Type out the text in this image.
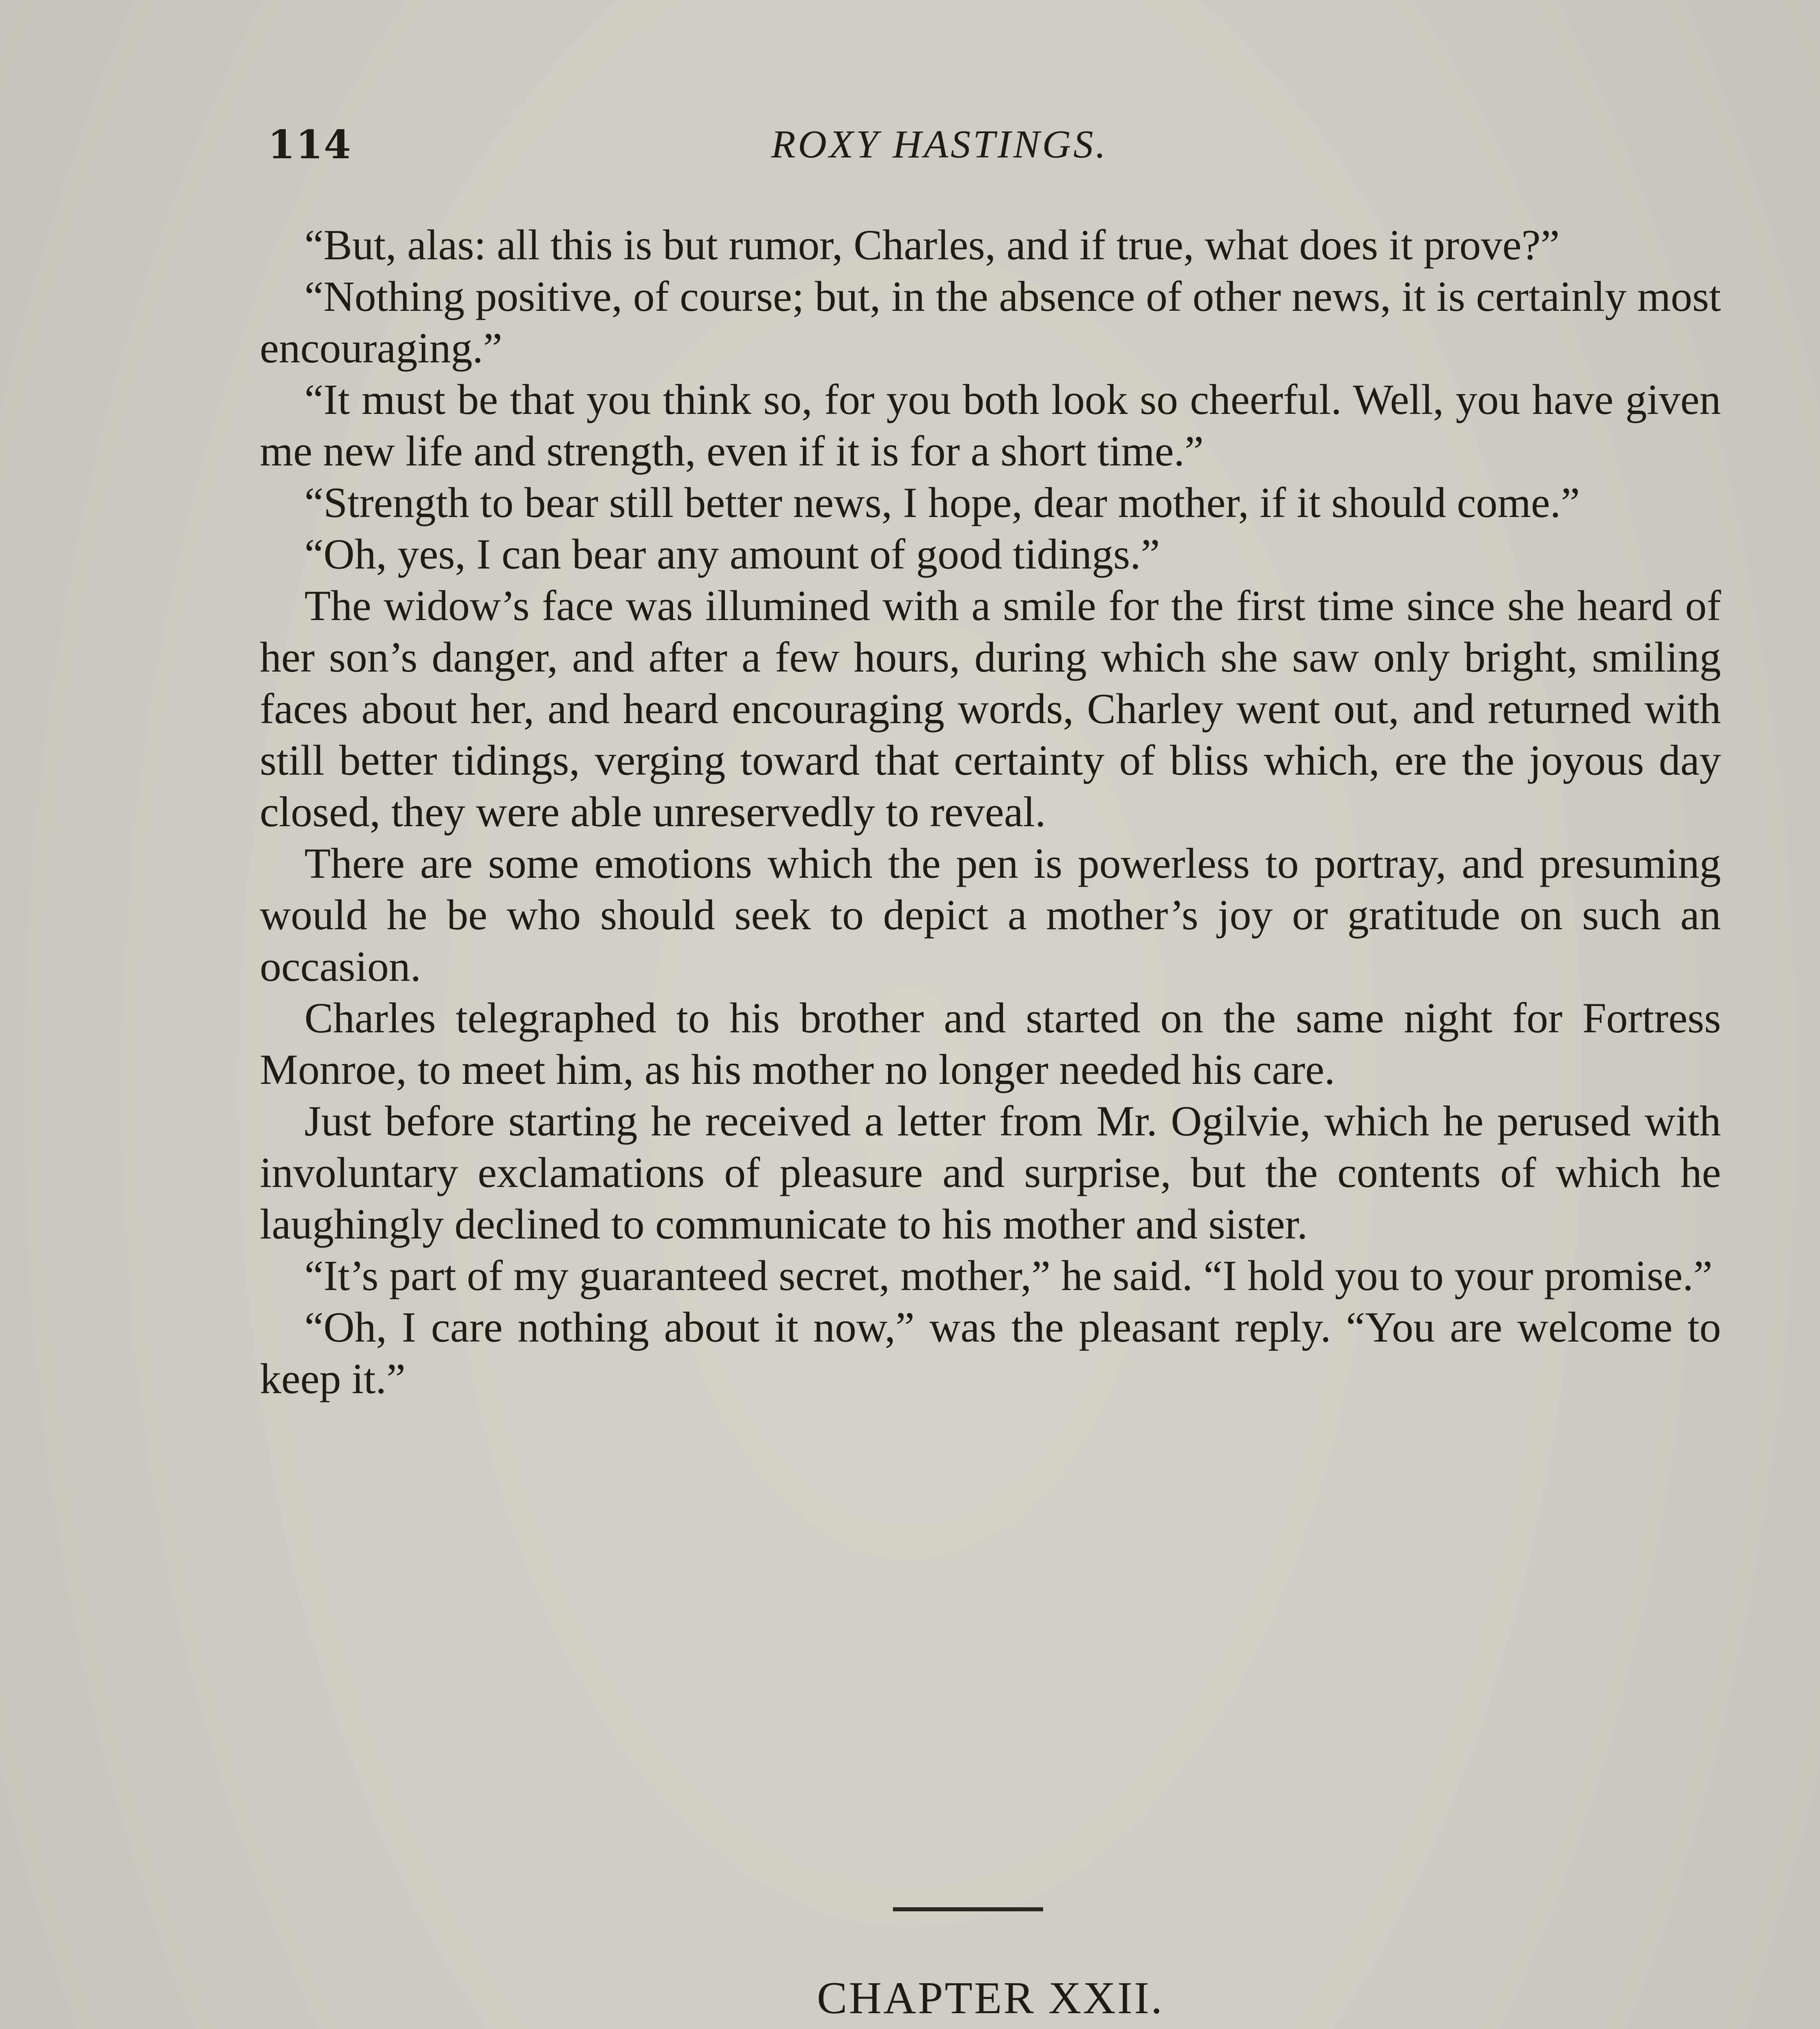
114	ROXY HASTINGS.

“But, alas: all this is but rumor, Charles, and if true, what does it prove?”

“Nothing positive, of course; but, in the absence of other news, it is certainly most encouraging.”

“It must be that you think so, for you both look so cheerful. Well, you have given me new life and strength, even if it is for a short time.”

“Strength to bear still better news, I hope, dear mother, if it should come.”

“Oh, yes, I can bear any amount of good tidings.”

The widow’s face was illumined with a smile for the first time since she heard of her son’s danger, and after a few hours, during which she saw only bright, smiling faces about her, and heard encouraging words, Charley went out, and returned with still better tidings, verging toward that certainty of bliss which, ere the joyous day closed, they were able unreservedly to reveal.

There are some emotions which the pen is powerless to portray, and presuming would he be who should seek to depict a mother’s joy or gratitude on such an occasion.

Charles telegraphed to his brother and started on the same night for Fortress Monroe, to meet him, as his mother no longer needed his care.

Just before starting he received a letter from Mr. Ogilvie, which he perused with involuntary exclamations of pleasure and surprise, but the contents of which he laughingly declined to communicate to his mother and sister.

“It’s part of my guaranteed secret, mother,” he said. “I hold you to your promise.”

“Oh, I care nothing about it now,” was the pleasant reply. “You are welcome to keep it.”

CHAPTER XXII.
